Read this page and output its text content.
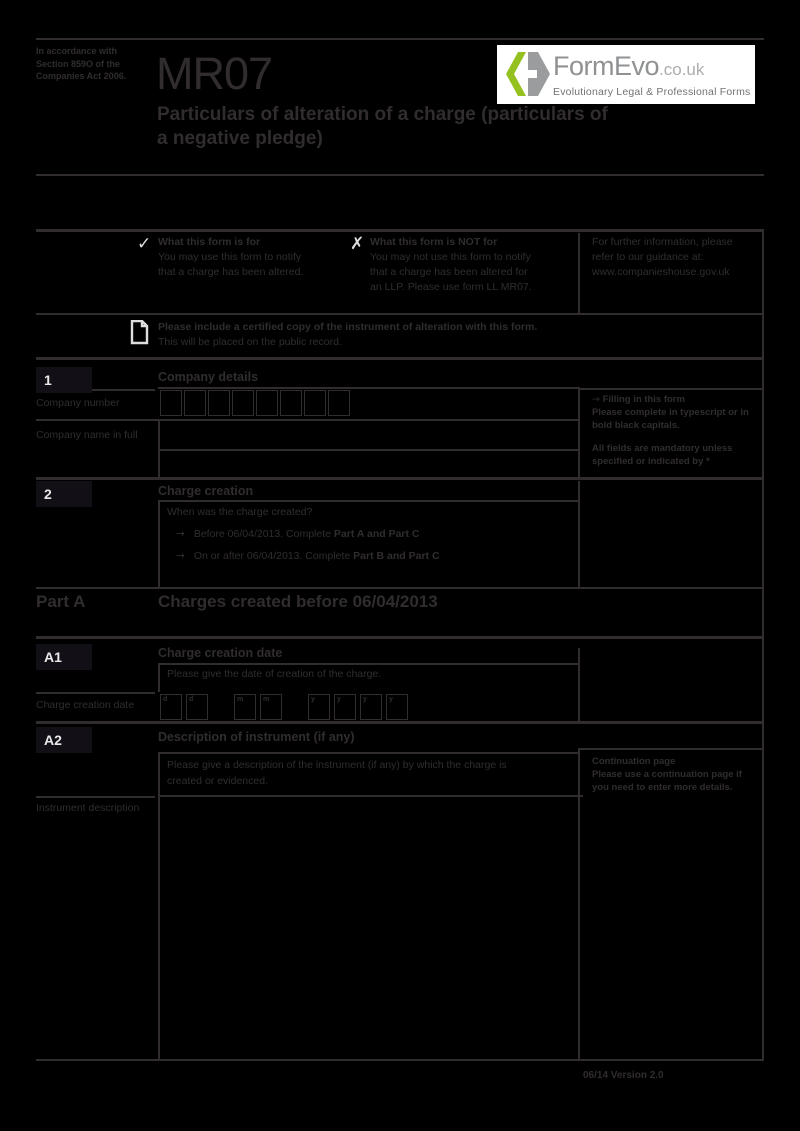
In accordance with
Section 859O of the
Companies Act 2006. MR07
Particulars of alteration of a charge (particulars of
a negative pledge)
FormEvo.co.uk
Evolutionary Legal & Professional Forms
✓ What this form is for
You may use this form to notify
that a charge has been altered.
✗ What this form is NOT for
You may not use this form to notify
that a charge has been altered for
an LLP. Please use form LL MR07.
For further information, please
refer to our guidance at:
www.companieshouse.gov.uk
Please include a certified copy of the instrument of alteration with this form.
This will be placed on the public record.
1	Company details
Company number
Company name in full
→ Filling in this form
Please complete in typescript or in
bold black capitals.
All fields are mandatory unless
specified or indicated by *
2	Charge creation
When was the charge created?
→ Before 06/04/2013. Complete Part A and Part C
→ On or after 06/04/2013. Complete Part B and Part C
Part A	Charges created before 06/04/2013
A1	Charge creation date
Please give the date of creation of the charge.
Charge creation date	d	d	m	m	y	y	y	y
A2	Description of instrument (if any)
Please give a description of the instrument (if any) by which the charge is
created or evidenced.
Instrument description
Continuation page
Please use a continuation page if
you need to enter more details.
06/14 Version 2.0
